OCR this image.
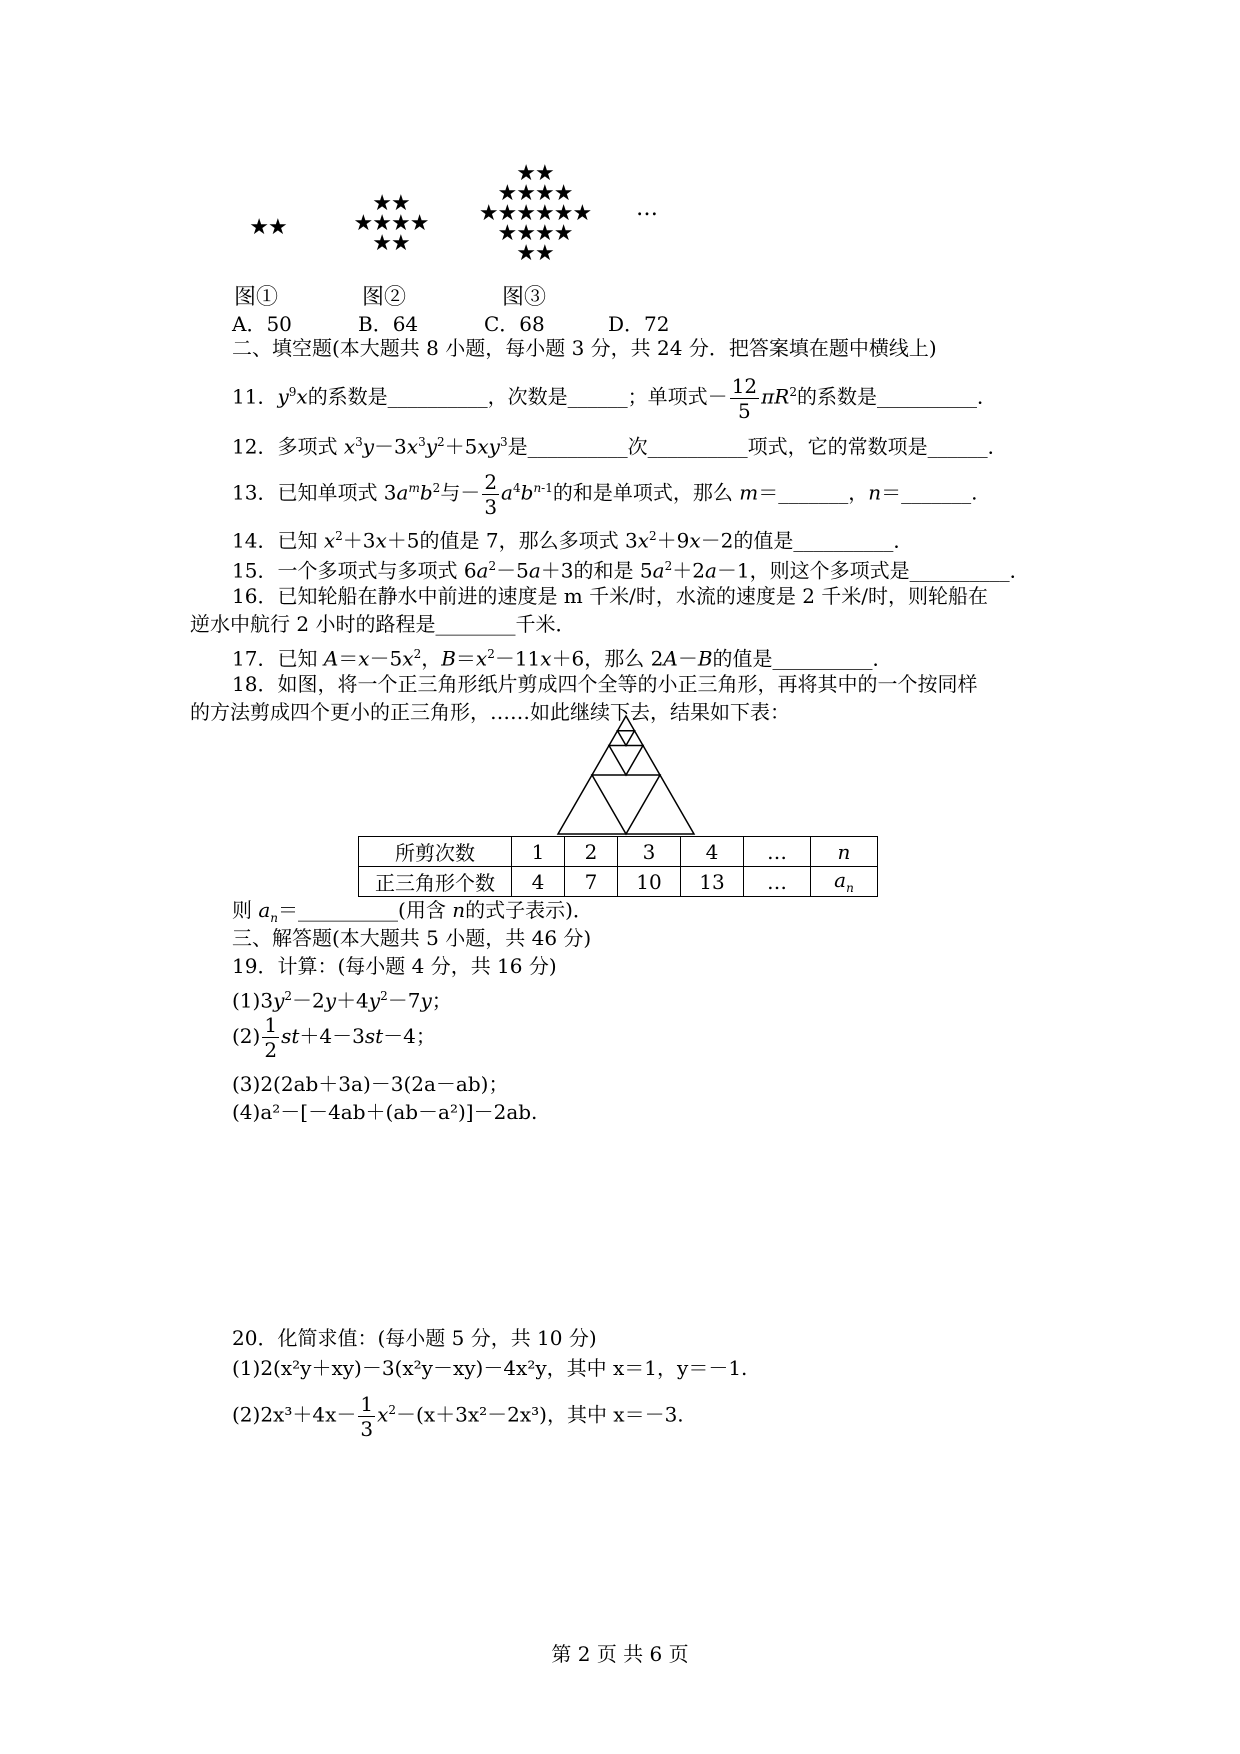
★★
★★
★★★★
★★
★★
★★★★
★★★★★★
★★★★
★★
…
图①	图②	图③
A．50	B．64	C．68	D．72
二、填空题(本大题共 8 小题，每小题 3 分，共 24 分．把答案填在题中横线上)
11．$y^9x$的系数是__________，次数是______；单项式－ $\frac{12}{5} \pi R^2$的系数是__________．
12．多项式 $x^3y-3x^3y^2+5xy^3$是__________次__________项式，它的常数项是______．
13．已知单项式 $3a^mb^2$与－ $\frac{2}{3} a^4b^{n-1}$的和是单项式，那么 m＝_______，n＝_______.
14．已知 $x^2+3x+5$的值是 7，那么多项式 $3x^2+9x-2$的值是__________．
15．一个多项式与多项式 $6a^2-5a+3$的和是 $5a^2+2a-1$，则这个多项式是__________．
16．已知轮船在静水中前进的速度是 m 千米/时，水流的速度是 2 千米/时，则轮船在
逆水中航行 2 小时的路程是________千米．
17．已知 $A=x-5x^2$，$B=x^2-11x+6$，那么 2A－B的值是__________．
18．如图，将一个正三角形纸片剪成四个全等的小正三角形，再将其中的一个按同样
的方法剪成四个更小的正三角形，……如此继续下去，结果如下表：
所剪次数	1	2	3	4	…	n
正三角形个数	4	7	10	13	…	$a_n$
则 $a_n=\_\_\_\_\_\_\_\_\_\_$(用含 n的式子表示)．
三、解答题(本大题共 5 小题，共 46 分)
19．计算：(每小题 4 分，共 16 分)
$(1)3y^2-2y+4y^2-7y$；
$(2) \frac{1}{2} st+4-3st-4$；
(3)2(2ab＋3a)－3(2a－ab)；
(4)a²－[－4ab＋(ab－a²)]－2ab.
20．化简求值：(每小题 5 分，共 10 分)
(1)2(x²y＋xy)－3(x²y－xy)－4x²y，其中 x＝1，y＝－1.
$(2)2x^3+4x- \frac{1}{3} x^2-(x+3x^2-2x^3)$，其中 x＝－3.
第 2 页 共 6 页
